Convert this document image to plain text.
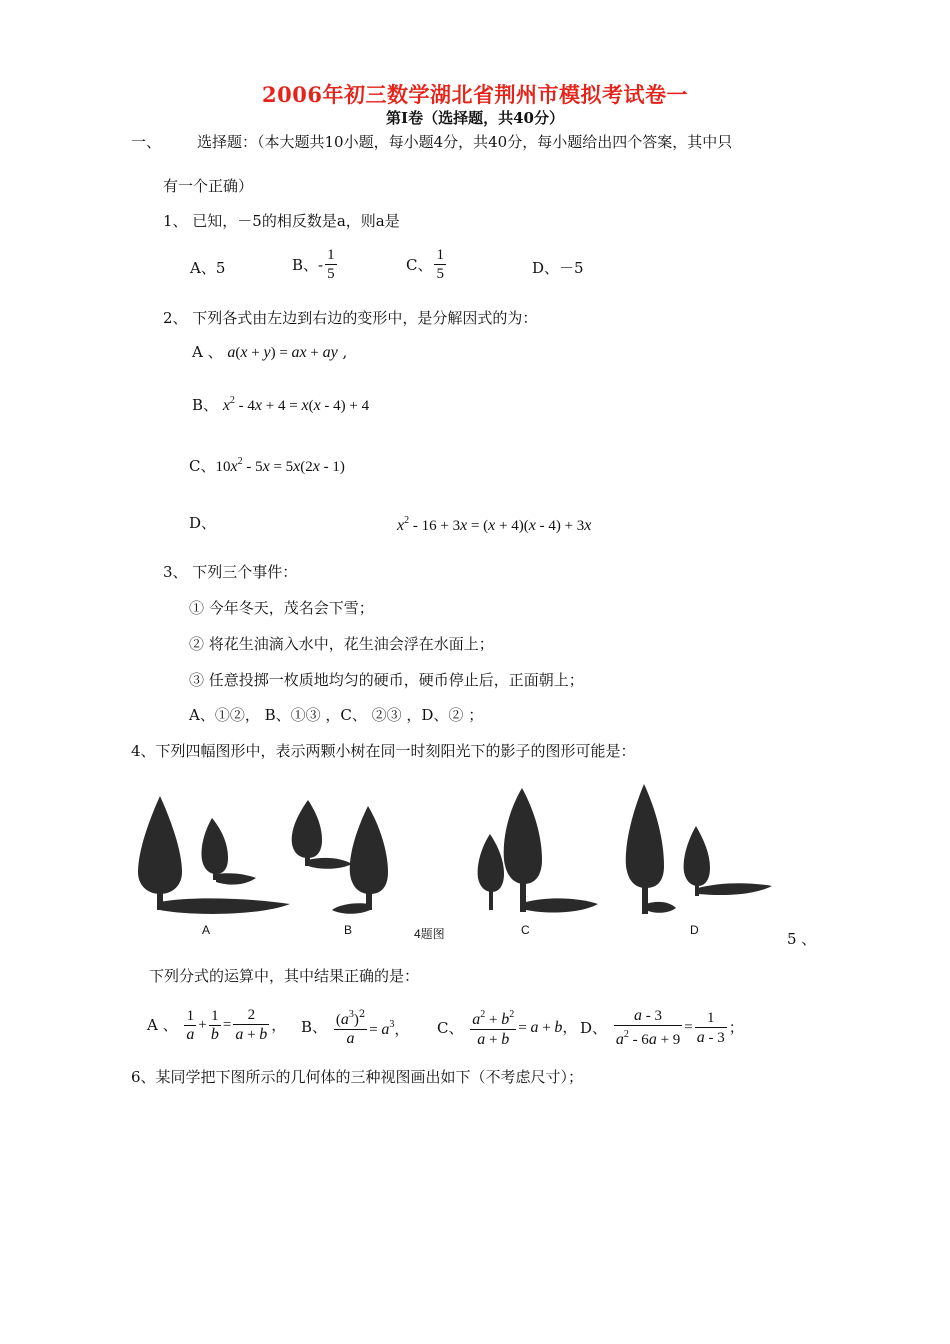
2006年初三数学湖北省荆州市模拟考试卷一
第Ⅰ卷（选择题，共40分）
一、 选择题：（本大题共10小题，每小题4分，共40分，每小题给出四个答案，其中只
有一个正确）
1、 已知，－5的相反数是a，则a是
A、5	B、- $\frac{1}{5}$	C、 $\frac{1}{5}$	D、－5
2、 下列各式由左边到右边的变形中，是分解因式的为：
A 、 a(x + y) = ax + ay ,
B、 $x^2 - 4x + 4 = x(x - 4) + 4$
C、$10x^2 - 5x = 5x(2x - 1)$
D、	$x^2 - 16 + 3x = (x + 4)(x - 4) + 3x$
3、 下列三个事件：
① 今年冬天，茂名会下雪；
② 将花生油滴入水中，花生油会浮在水面上；
③ 任意投掷一枚质地均匀的硬币，硬币停止后，正面朝上；
A、①②， B、①③ ，C、 ②③ ，D、② ；
4、下列四幅图形中，表示两颗小树在同一时刻阳光下的影子的图形可能是：
A	B	4题图	C	D	5 、
下列分式的运算中，其中结果正确的是：
A 、 $\frac{1}{a} + \frac{1}{b} = \frac{2}{a + b}$ ， B、 $\frac{(a^3)^2}{a} = a^3$， C、 $\frac{a^2 + b^2}{a + b} = a + b$， D、 $\frac{a - 3}{a^2 - 6a + 9} = \frac{1}{a - 3}$ ；
6、某同学把下图所示的几何体的三种视图画出如下（不考虑尺寸）；
